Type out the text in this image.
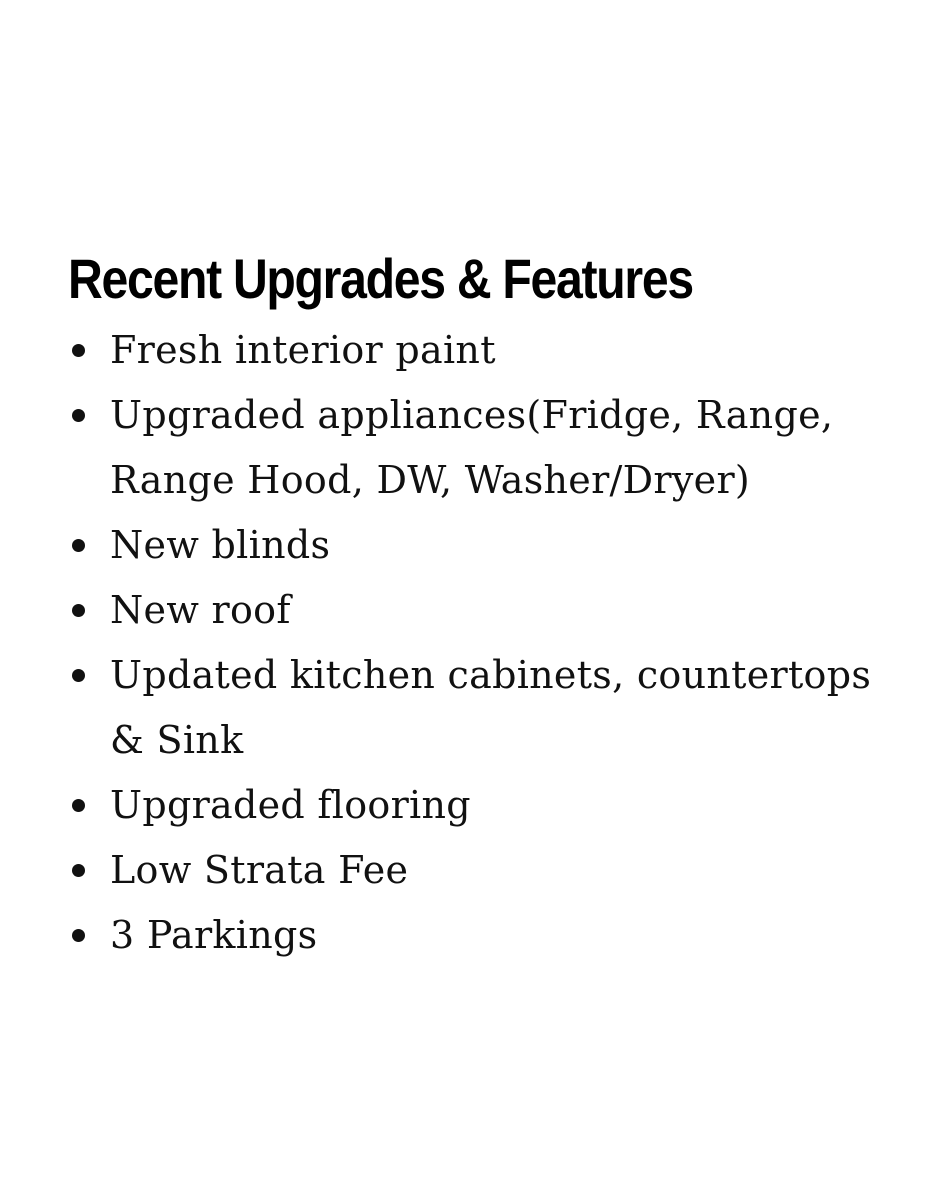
Recent Upgrades & Features
Fresh interior paint
Upgraded appliances(Fridge, Range,
Range Hood, DW, Washer/Dryer)
New blinds
New roof
Updated kitchen cabinets, countertops
& Sink
Upgraded flooring
Low Strata Fee
3 Parkings
